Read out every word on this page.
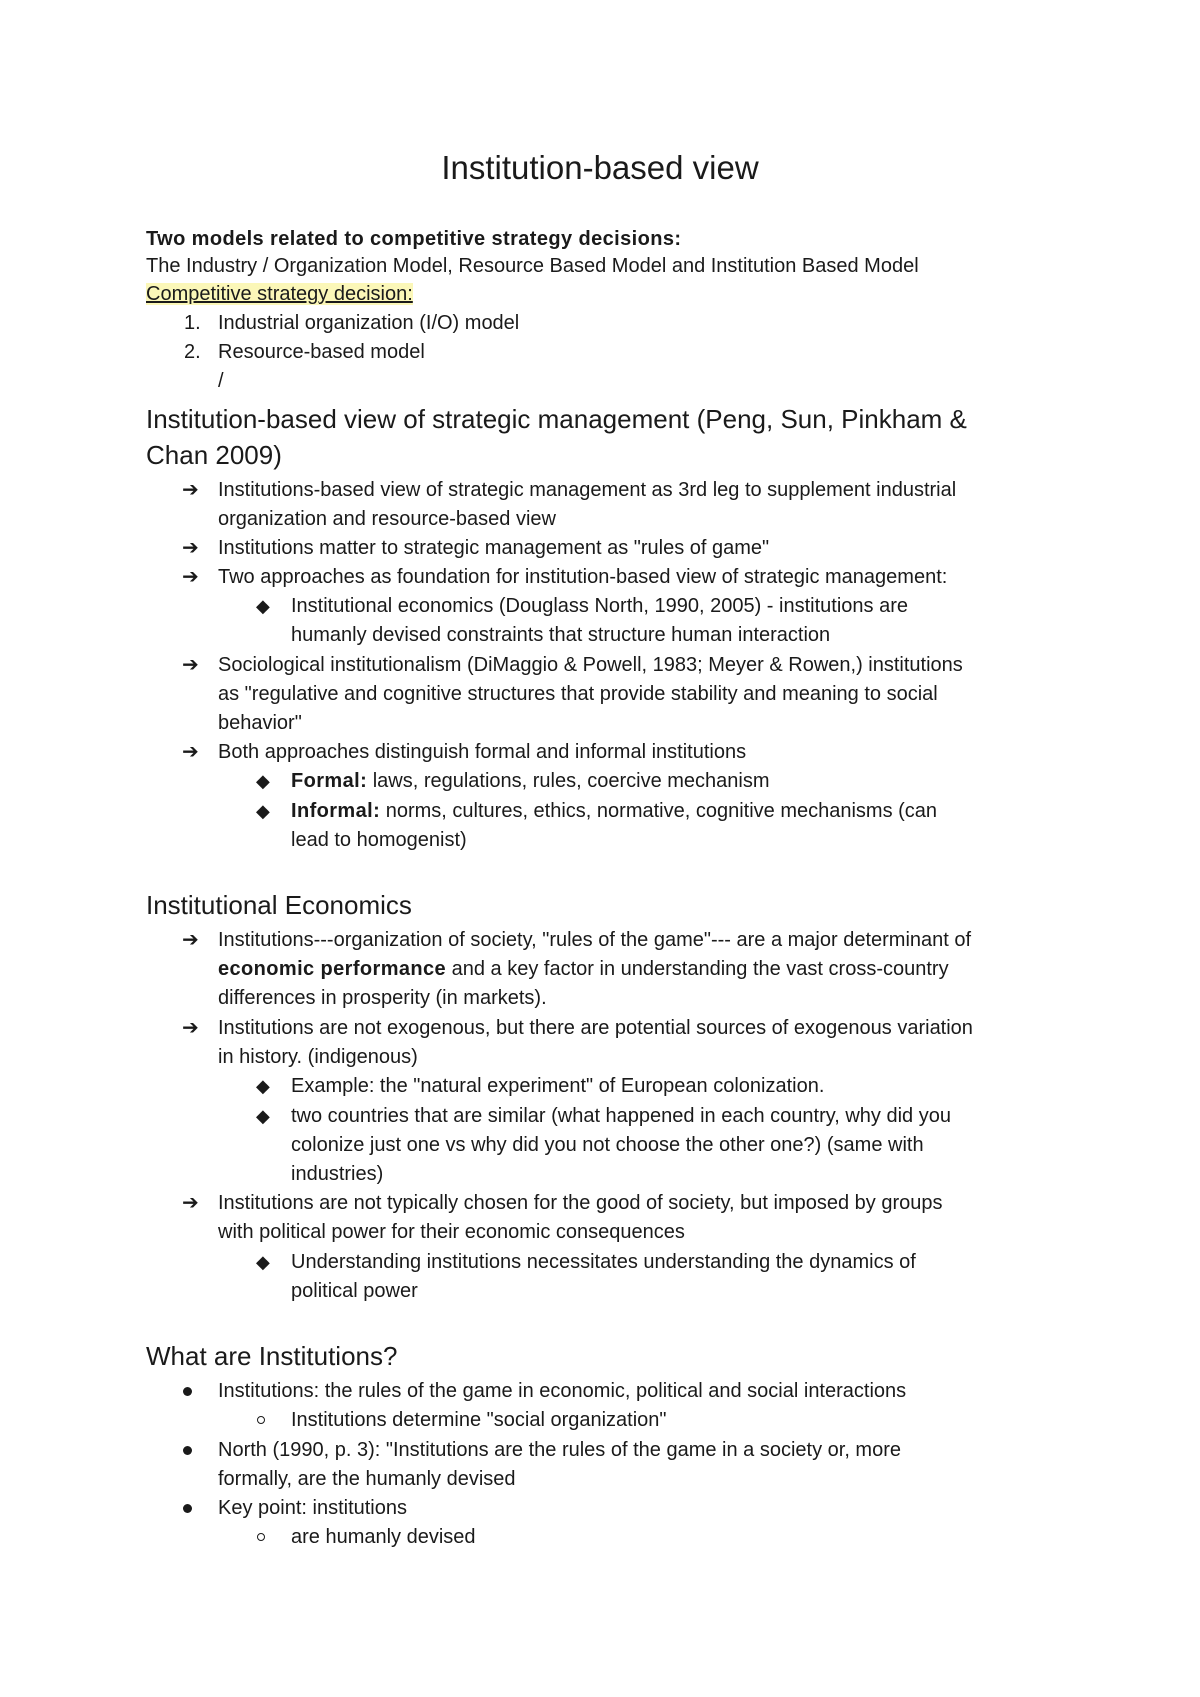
Institution-based view
Two models related to competitive strategy decisions:
The Industry / Organization Model, Resource Based Model and Institution Based Model
Competitive strategy decision:
1. Industrial organization (I/O) model
2. Resource-based model
/
Institution-based view of strategic management (Peng, Sun, Pinkham &
Chan 2009)
➔ Institutions-based view of strategic management as 3rd leg to supplement industrial
organization and resource-based view
➔ Institutions matter to strategic management as "rules of game"
➔ Two approaches as foundation for institution-based view of strategic management:
◆ Institutional economics (Douglass North, 1990, 2005) - institutions are
humanly devised constraints that structure human interaction
➔ Sociological institutionalism (DiMaggio & Powell, 1983; Meyer & Rowen,) institutions
as "regulative and cognitive structures that provide stability and meaning to social
behavior"
➔ Both approaches distinguish formal and informal institutions
◆ Formal: laws, regulations, rules, coercive mechanism
◆ Informal: norms, cultures, ethics, normative, cognitive mechanisms (can
lead to homogenist)
Institutional Economics
➔ Institutions---organization of society, "rules of the game"--- are a major determinant of
economic performance and a key factor in understanding the vast cross-country
differences in prosperity (in markets).
➔ Institutions are not exogenous, but there are potential sources of exogenous variation
in history. (indigenous)
◆ Example: the "natural experiment" of European colonization.
◆ two countries that are similar (what happened in each country, why did you
colonize just one vs why did you not choose the other one?) (same with
industries)
➔ Institutions are not typically chosen for the good of society, but imposed by groups
with political power for their economic consequences
◆ Understanding institutions necessitates understanding the dynamics of
political power
What are Institutions?
Institutions: the rules of the game in economic, political and social interactions
Institutions determine "social organization"
North (1990, p. 3): "Institutions are the rules of the game in a society or, more
formally, are the humanly devised
Key point: institutions
are humanly devised
